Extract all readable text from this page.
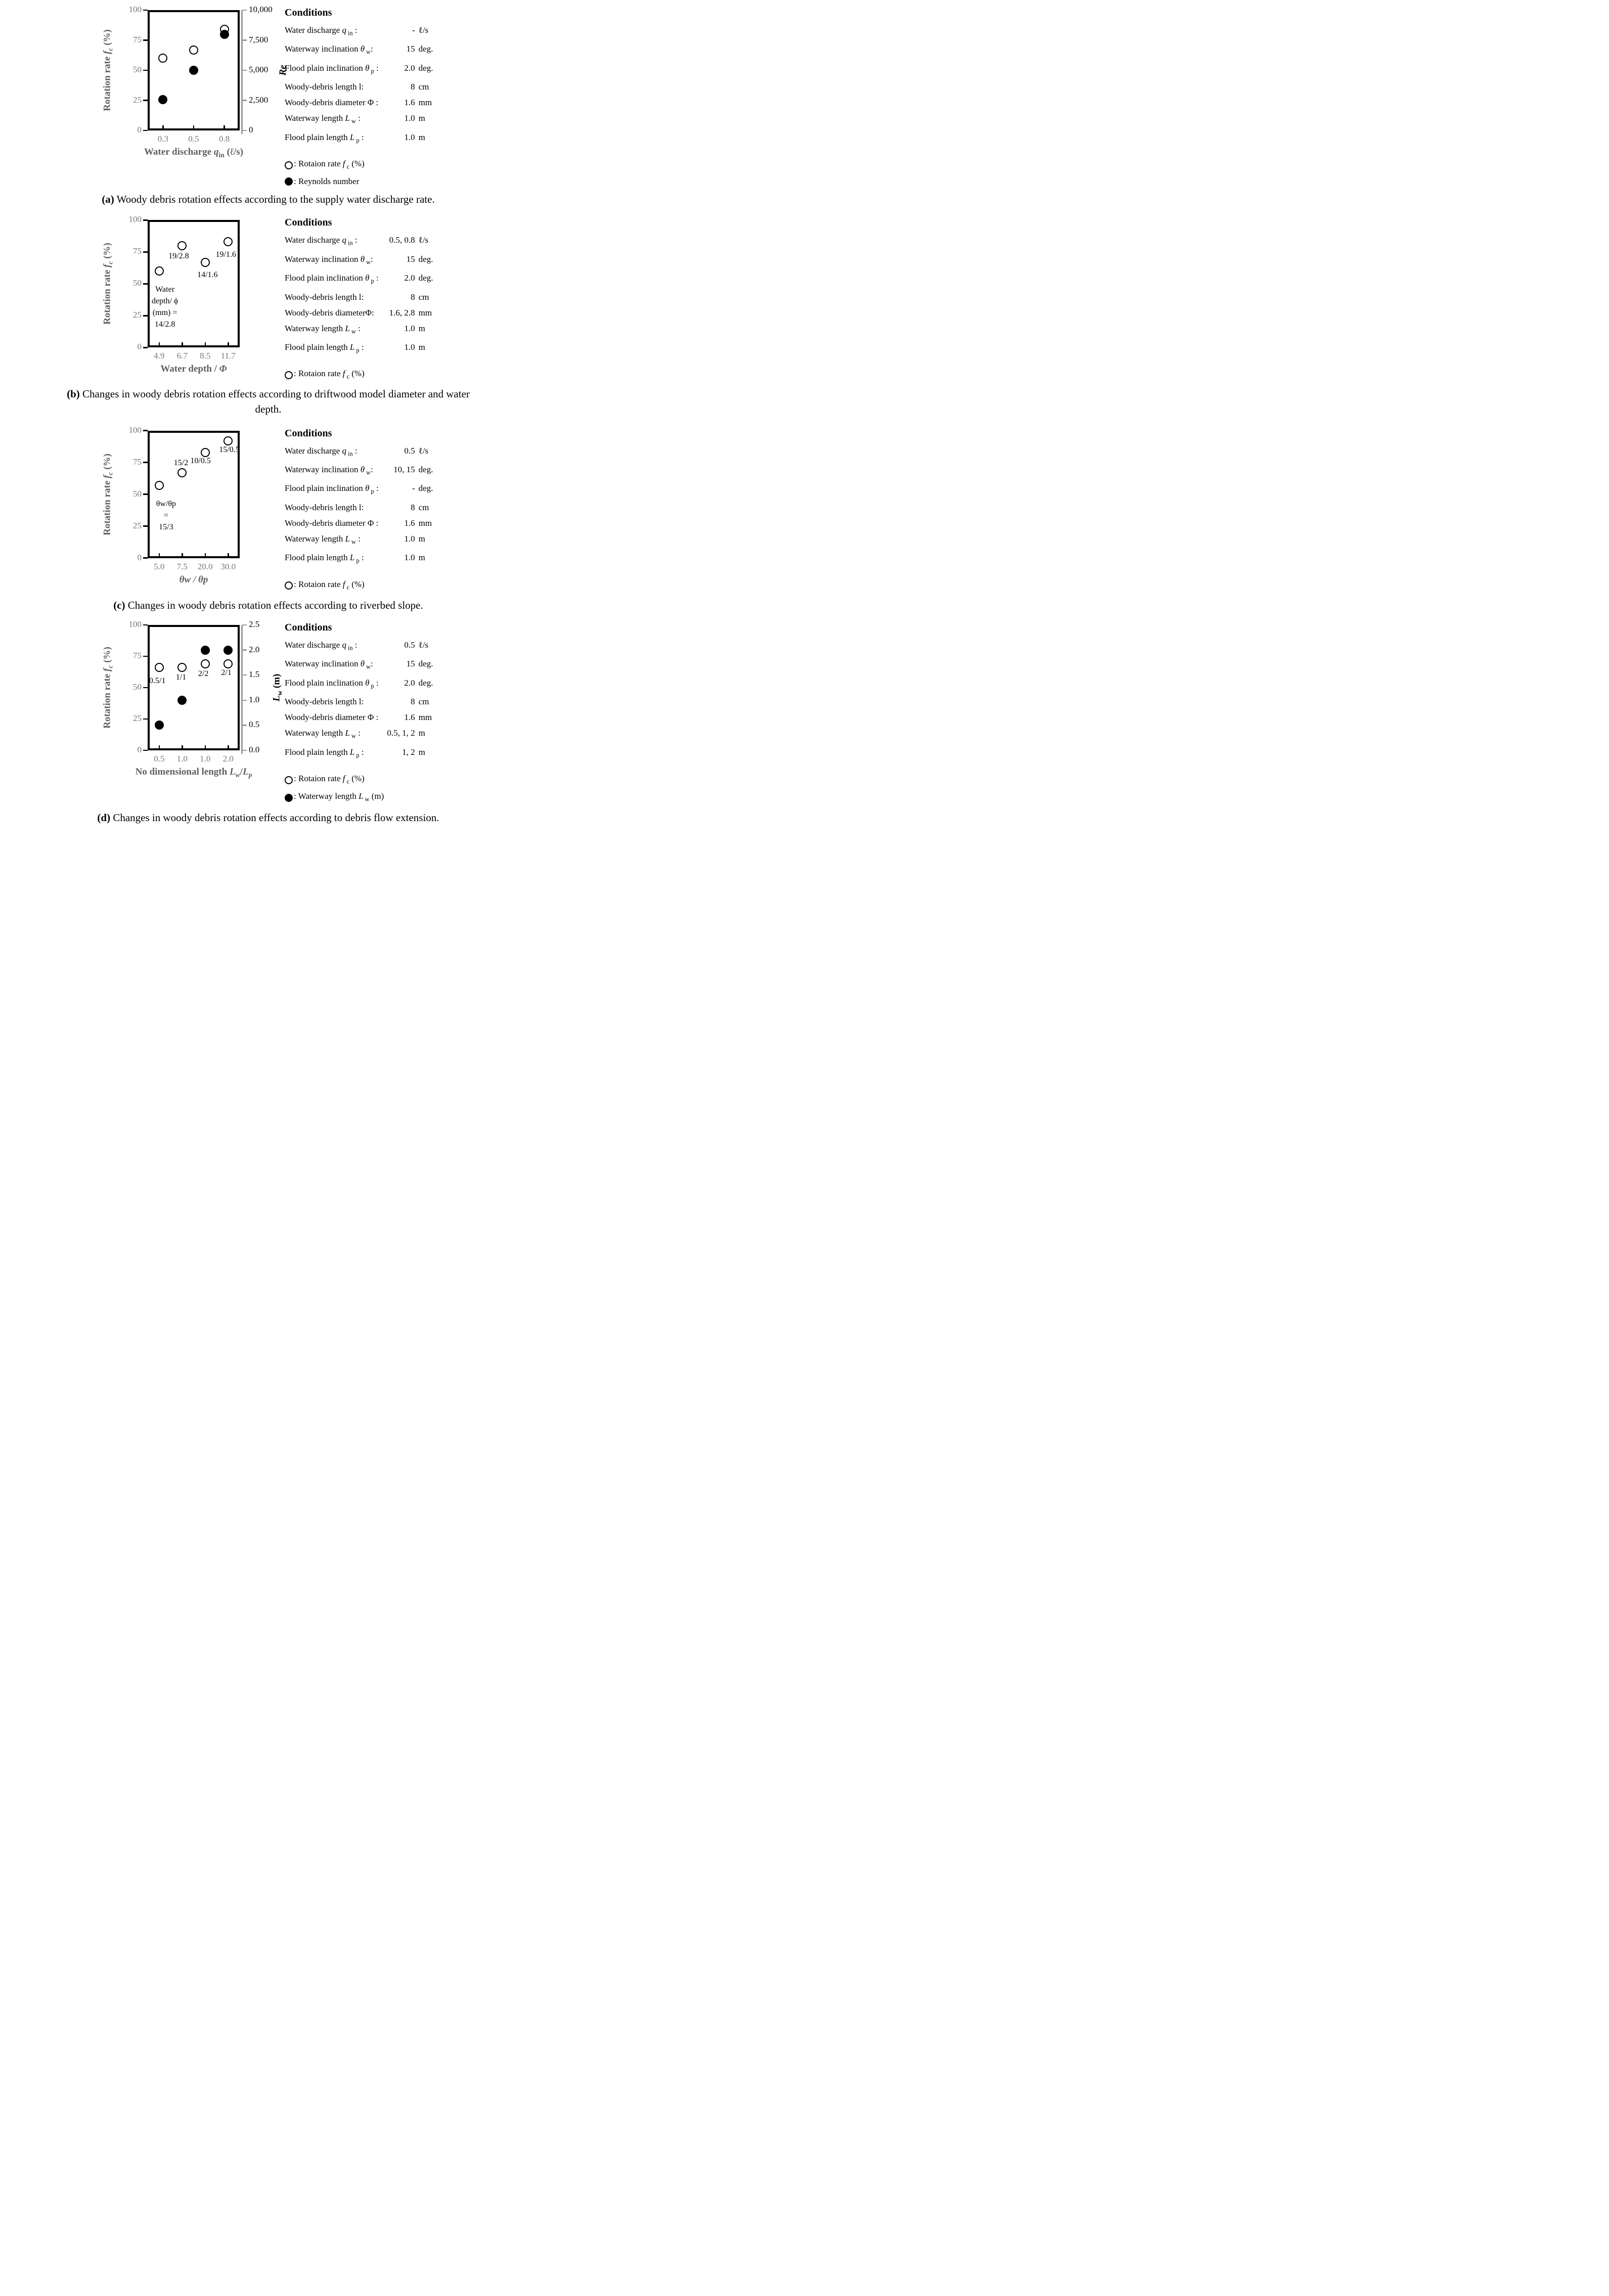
Rotation rate $f_c$ (%)
Water discharge $q_{in}$ (ℓ/s)
Re
0
25
50
75
100
0.3	0.5	0.8
0
2,500
5,000
7,500
10,000 Conditions
Water discharge q $_{in}$ :	- ℓ/s
Waterway inclination θ $_w$:	15 deg.
Flood plain inclination θ $_p$ :	2.0 deg.
Woody-debris length l:	8 cm
Woody-debris diameter Φ :	1.6 mm
Waterway length L $_w$ :	1.0 m
Flood plain length L $_p$ :	1.0 m
: Rotaion rate f $_c$ (%)
: Reynolds number

(a) Woody debris rotation effects according to the supply water discharge rate.

Rotation rate $f_c$ (%)
Water depth / Φ
0
25
50
75
100
4.9	6.7	8.5	11.7
19/2.8
14/1.6
19/1.6
Water
depth/ ϕ
(mm) =
14/2.8
Conditions
Water discharge q $_{in}$ :	0.5, 0.8 ℓ/s
Waterway inclination θ $_w$:	15 deg.
Flood plain inclination θ $_p$ :	2.0 deg.
Woody-debris length l:	8 cm
Woody-debris diameterΦ:	1.6, 2.8 mm
Waterway length L $_w$ :	1.0 m
Flood plain length L $_p$ :	1.0 m
: Rotaion rate f $_c$ (%)

(b) Changes in woody debris rotation effects according to driftwood model diameter and water depth.

Rotation rate $f_c$ (%)
θw / θp
0
25
50
75
100
5.0	7.5	20.0 30.0
15/2 10/0.5
15/0.5
θw/θp
=
15/3
Conditions
Water discharge q $_{in}$ :	0.5 ℓ/s
Waterway inclination θ $_w$:	10, 15 deg.
Flood plain inclination θ $_p$ :	- deg.
Woody-debris length l:	8 cm
Woody-debris diameter Φ :	1.6 mm
Waterway length L $_w$ :	1.0 m
Flood plain length L $_p$ :	1.0 m
: Rotaion rate f $_c$ (%)

(c) Changes in woody debris rotation effects according to riverbed slope.

Rotation rate $f_c$ (%)
No dimensional length $L_w/L_p$
$L_w$ (m)
0
25
50
75
100
0.5	1.0	1.0	2.0
0.0
0.5
1.0
1.5
2.0
2.5
0.5/1 1/1 2/2 2/1
Conditions
Water discharge q $_{in}$ :	0.5 ℓ/s
Waterway inclination θ $_w$:	15 deg.
Flood plain inclination θ $_p$ :	2.0 deg.
Woody-debris length l:	8 cm
Woody-debris diameter Φ :	1.6 mm
Waterway length L $_w$ :	0.5, 1, 2 m
Flood plain length L $_p$ :	1, 2 m
: Rotaion rate f $_c$ (%)
: Waterway length L $_w$ (m)

(d) Changes in woody debris rotation effects according to debris flow extension.
